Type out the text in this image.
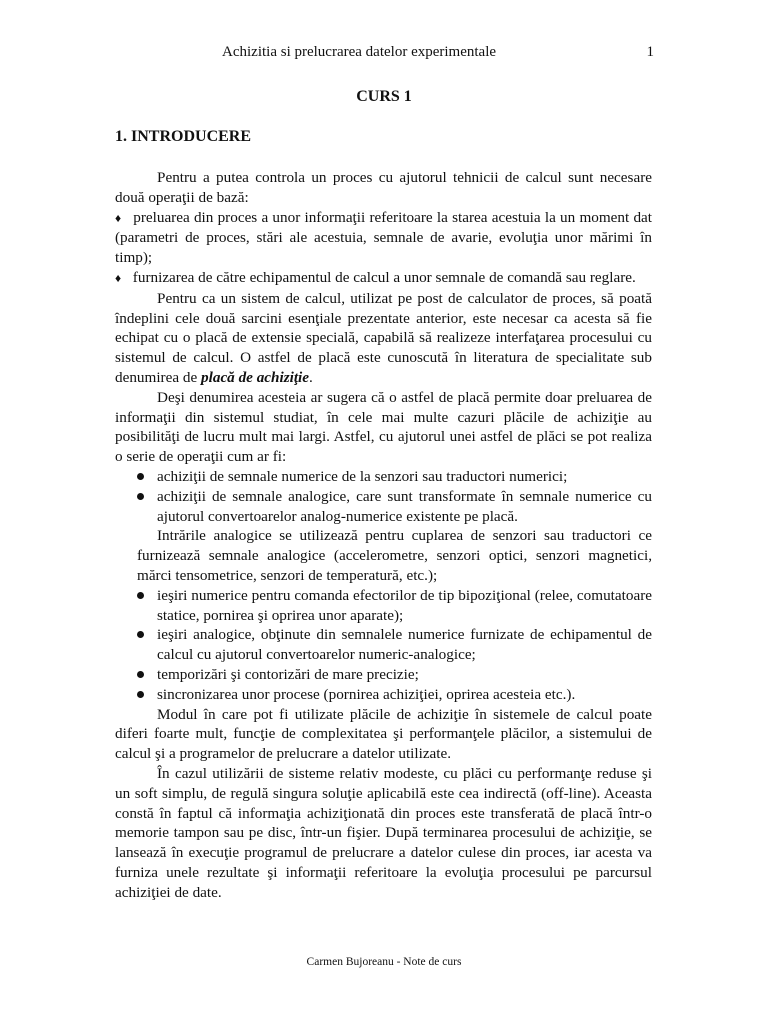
Achizitia si prelucrarea datelor experimentale	1
CURS 1
1. INTRODUCERE

Pentru a putea controla un proces cu ajutorul tehnicii de calcul sunt necesare două operaţii de bază:

♦ preluarea din proces a unor informaţii referitoare la starea acestuia la un moment dat (parametri de proces, stări ale acestuia, semnale de avarie, evoluţia unor mărimi în timp);

♦ furnizarea de către echipamentul de calcul a unor semnale de comandă sau reglare.

Pentru ca un sistem de calcul, utilizat pe post de calculator de proces, să poată îndeplini cele două sarcini esenţiale prezentate anterior, este necesar ca acesta să fie echipat cu o placă de extensie specială, capabilă să realizeze interfaţarea procesului cu sistemul de calcul. O astfel de placă este cunoscută în literatura de specialitate sub denumirea de placă de achiziţie.

Deşi denumirea acesteia ar sugera că o astfel de placă permite doar preluarea de informaţii din sistemul studiat, în cele mai multe cazuri plăcile de achiziţie au posibilităţi de lucru mult mai largi. Astfel, cu ajutorul unei astfel de plăci se pot realiza o serie de operaţii cum ar fi:

achiziţii de semnale numerice de la senzori sau traductori numerici;
achiziţii de semnale analogice, care sunt transformate în semnale numerice cu ajutorul convertoarelor analog-numerice existente pe placă.

Intrările analogice se utilizează pentru cuplarea de senzori sau traductori ce furnizează semnale analogice (accelerometre, senzori optici, senzori magnetici, mărci tensometrice, senzori de temperatură, etc.);

ieşiri numerice pentru comanda efectorilor de tip bipoziţional (relee, comutatoare statice, pornirea şi oprirea unor aparate);
ieşiri analogice, obţinute din semnalele numerice furnizate de echipamentul de calcul cu ajutorul convertoarelor numeric-analogice;
temporizări şi contorizări de mare precizie;
sincronizarea unor procese (pornirea achiziţiei, oprirea acesteia etc.).

Modul în care pot fi utilizate plăcile de achiziţie în sistemele de calcul poate diferi foarte mult, funcţie de complexitatea şi performanţele plăcilor, a sistemului de calcul şi a programelor de prelucrare a datelor utilizate.

În cazul utilizării de sisteme relativ modeste, cu plăci cu performanţe reduse şi un soft simplu, de regulă singura soluţie aplicabilă este cea indirectă (off-line). Aceasta constă în faptul că informaţia achiziţionată din proces este transferată de placă într-o memorie tampon sau pe disc, într-un fişier. După terminarea procesului de achiziţie, se lansează în execuţie programul de prelucrare a datelor culese din proces, iar acesta va furniza unele rezultate şi informaţii referitoare la evoluţia procesului pe parcursul achiziţiei de date.

Carmen Bujoreanu - Note de curs
